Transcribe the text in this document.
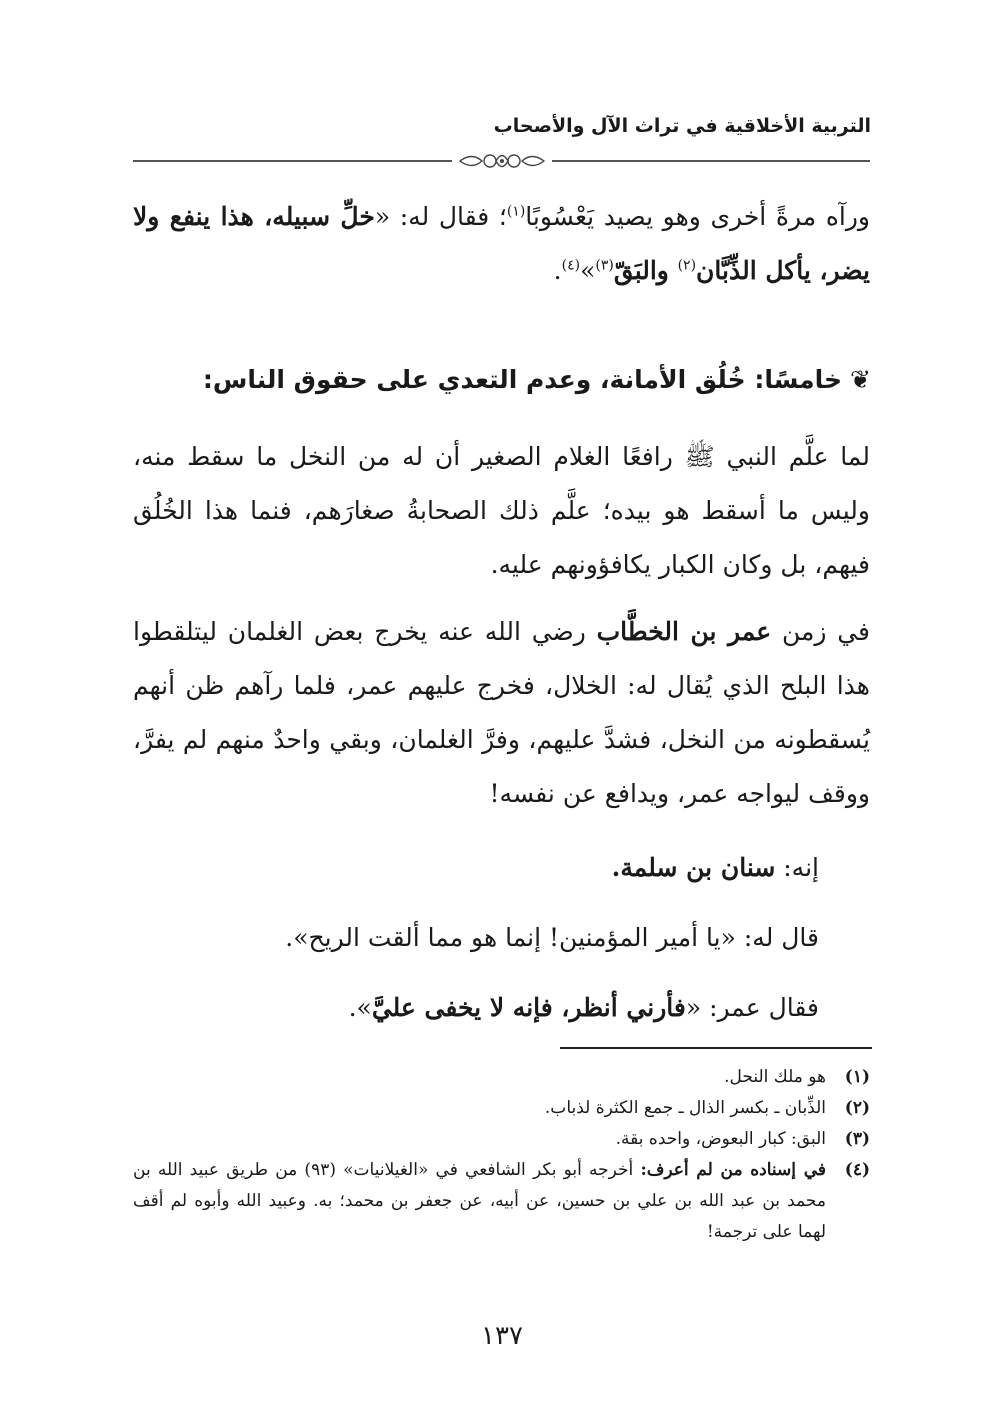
التربية الأخلاقية في تراث الآل والأصحاب

ورآه مرةً أخرى وهو يصيد يَعْسُوبًا$^{(١)}$؛ فقال له: «خلِّ سبيله، هذا ينفع ولا يضر، يأكل الذِّبَّان$^{(٢)}$ والبَقّ$^{(٣)}$»$^{(٤)}$.

❦خامسًا: خُلُق الأمانة، وعدم التعدي على حقوق الناس:

لما علَّم النبي ﷺ رافعًا الغلام الصغير أن له من النخل ما سقط منه، وليس ما أسقط هو بيده؛ علَّم ذلك الصحابةُ صغارَهم، فنما هذا الخُلُق فيهم، بل وكان الكبار يكافؤونهم عليه.

في زمن عمر بن الخطَّاب رضي الله عنه يخرج بعض الغلمان ليتلقطوا هذا البلح الذي يُقال له: الخلال، فخرج عليهم عمر، فلما رآهم ظن أنهم يُسقطونه من النخل، فشدَّ عليهم، وفرَّ الغلمان، وبقي واحدٌ منهم لم يفرَّ، ووقف ليواجه عمر، ويدافع عن نفسه!

إنه: سنان بن سلمة.
قال له: «يا أمير المؤمنين! إنما هو مما ألقت الريح».
فقال عمر: «فأرني أنظر، فإنه لا يخفى عليَّ».
(١)
هو ملك النحل.
(٢)
الذِّبان ـ بكسر الذال ـ جمع الكثرة لذباب.
(٣)
البق: كبار البعوض، واحده بقة.
(٤)
في إسناده من لم أعرف: أخرجه أبو بكر الشافعي في «الغيلانيات» (٩٣) من طريق عبيد الله بن محمد بن عبد الله بن علي بن حسين، عن أبيه، عن جعفر بن محمد؛ به. وعبيد الله وأبوه لم أقف لهما على ترجمة!
١٣٧
